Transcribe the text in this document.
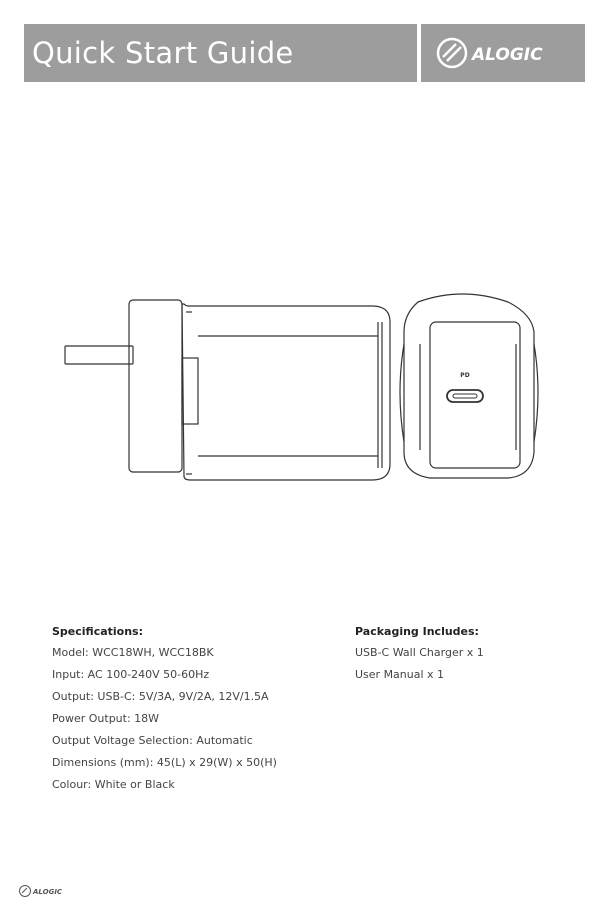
Quick Start Guide	ALOGIC
PD
Specifications:
Model: WCC18WH, WCC18BK
Input: AC 100-240V 50-60Hz
Output: USB-C: 5V/3A, 9V/2A, 12V/1.5A
Power Output: 18W
Output Voltage Selection: Automatic
Dimensions (mm): 45(L) x 29(W) x 50(H)
Colour: White or Black
Packaging Includes:
USB-C Wall Charger x 1
User Manual x 1
ALOGIC
